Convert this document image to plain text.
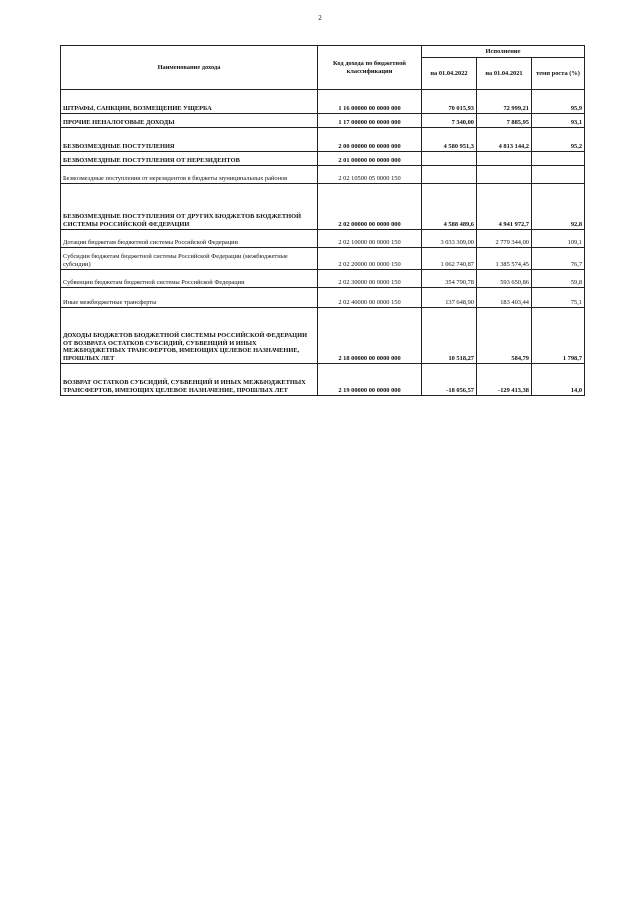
2
Наименование дохода	Код дохода по бюджетной классификации	Исполнение		
		на 01.04.2022	на 01.04.2021	темп роста (%)
ШТРАФЫ, САНКЦИИ, ВОЗМЕЩЕНИЕ УЩЕРБА	1 16 00000 00 0000 000	70 015,93	72 999,21	95,9
ПРОЧИЕ НЕНАЛОГОВЫЕ ДОХОДЫ	1 17 00000 00 0000 000	7 340,00	7 885,95	93,1
БЕЗВОЗМЕЗДНЫЕ ПОСТУПЛЕНИЯ	2 00 00000 00 0000 000	4 580 951,3	4 813 144,2	95,2
БЕЗВОЗМЕЗДНЫЕ ПОСТУПЛЕНИЯ ОТ НЕРЕЗИДЕНТОВ	2 01 00000 00 0000 000			
Безвозмездные поступления от нерезидентов в бюджеты муниципальных районов	2 02 10500 05 0000 150			
БЕЗВОЗМЕЗДНЫЕ ПОСТУПЛЕНИЯ ОТ ДРУГИХ БЮДЖЕТОВ БЮДЖЕТНОЙ СИСТЕМЫ РОССИЙСКОЙ ФЕДЕРАЦИИ	2 02 00000 00 0000 000	4 588 489,6	4 941 972,7	92,8
Дотации бюджетам бюджетной системы Российской Федерации	2 02 10000 00 0000 150	3 033 309,00	2 779 344,00	109,1
Субсидии бюджетам бюджетной системы Российской Федерации (межбюджетные субсидии)	2 02 20000 00 0000 150	1 062 740,87	1 385 574,45	76,7
Субвенции бюджетам бюджетной системы Российской Федерации	2 02 30000 00 0000 150	354 790,78	593 650,86	59,8
Иные межбюджетные трансферты	2 02 40000 00 0000 150	137 648,90	183 403,44	75,1
ДОХОДЫ БЮДЖЕТОВ БЮДЖЕТНОЙ СИСТЕМЫ РОССИЙСКОЙ ФЕДЕРАЦИИ ОТ ВОЗВРАТА ОСТАТКОВ СУБСИДИЙ, СУБВЕНЦИЙ И ИНЫХ МЕЖБЮДЖЕТНЫХ ТРАНСФЕРТОВ, ИМЕЮЩИХ ЦЕЛЕВОЕ НАЗНАЧЕНИЕ, ПРОШЛЫХ ЛЕТ	2 18 00000 00 0000 000	10 518,27	584,79	1 798,7
ВОЗВРАТ ОСТАТКОВ СУБСИДИЙ, СУБВЕНЦИЙ И ИНЫХ МЕЖБЮДЖЕТНЫХ ТРАНСФЕРТОВ, ИМЕЮЩИХ ЦЕЛЕВОЕ НАЗНАЧЕНИЕ, ПРОШЛЫХ ЛЕТ	2 19 00000 00 0000 000	-18 056,57	-129 413,38	14,0
